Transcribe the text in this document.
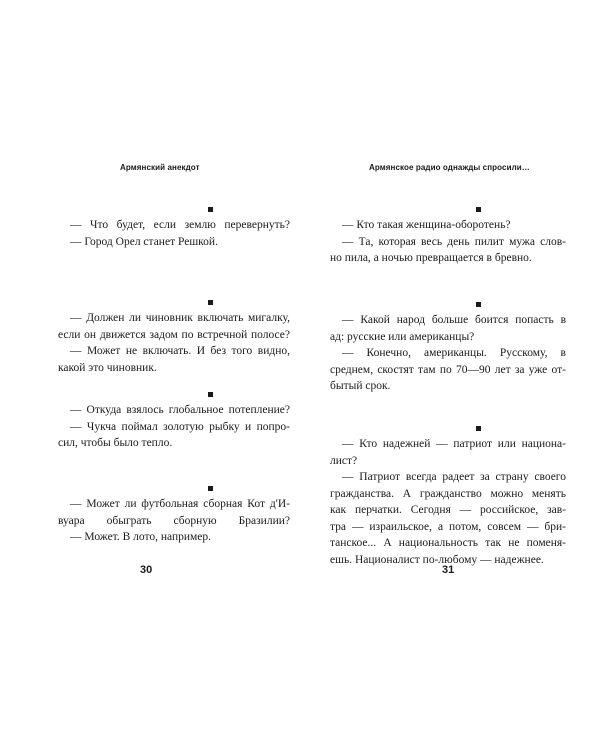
Армянский анекдот
— Что будет, если землю перевернуть?
— Город Орел станет Решкой.
— Должен ли чиновник включать мигалку,
если он движется задом по встречной полосе?
— Может не включать. И без того видно,
какой это чиновник.
— Откуда взялось глобальное потепление?
— Чукча поймал золотую рыбку и попро-
сил, чтобы было тепло.
— Может ли футбольная сборная Кот д'И-
вуара обыграть сборную Бразилии?
— Может. В лото, например.
30
Армянское радио однажды спросили…
— Кто такая женщина-оборотень?
— Та, которая весь день пилит мужа слов-
но пила, а ночью превращается в бревно.
— Какой народ больше боится попасть в
ад: русские или американцы?
— Конечно, американцы. Русскому, в
среднем, скостят там по 70—90 лет за уже от-
бытый срок.
— Кто надежней — патриот или национа-
лист?
— Патриот всегда радеет за страну своего
гражданства. А гражданство можно менять
как перчатки. Сегодня — российское, зав-
тра — израильское, а потом, совсем — бри-
танское... А национальность так не поменя-
ешь. Националист по-любому — надежнее.
31
